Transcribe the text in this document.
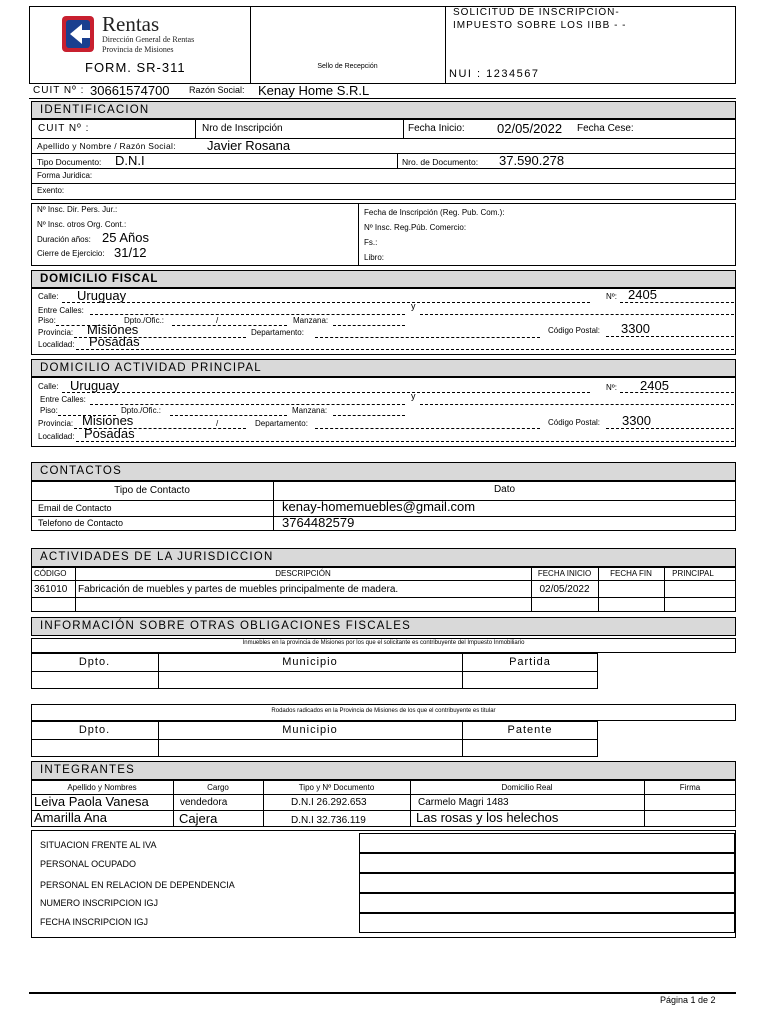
Rentas
Dirección General de Rentas
Provincia de Misiones
FORM. SR-311	Sello de Recepción
SOLICITUD DE INSCRIPCIÓN-
IMPUESTO SOBRE LOS IIBB - -
NUI : 1234567
CUIT Nº : 30661574700 Razón Social: Kenay Home S.R.L
IDENTIFICACION
CUIT Nº :	Nro de Inscripción	Fecha Inicio: 02/05/2022 Fecha Cese:
Apellido y Nombre / Razón Social: Javier Rosana
Tipo Documento: D.N.I	Nro. de Documento: 37.590.278
Forma Juridica:
Exento:
Nº Insc. Dir. Pers. Jur.:
Nº Insc. otros Org. Cont.:
Duración años: 25 Años
Cierre de Ejercicio: 31/12
Fecha de Inscripción (Reg. Pub. Com.):
Nº Insc. Reg.Púb. Comercio:
Fs.:
Libro:
DOMICILIO FISCAL
Calle: Uruguay	Nº: 2405
Entre Calles:	y
Piso:	Dpto./Ofic.:	/	Manzana:
Provincia: Misiones	Departamento:	Código Postal: 3300
Localidad: Posadas
DOMICILIO ACTIVIDAD PRINCIPAL
Calle: Uruguay	Nº: 2405
Entre Calles:	y
Piso:	Dpto./Ofic.:	Manzana:
Provincia: Misiones	/	Departamento:	Código Postal: 3300
Localidad: Posadas
CONTACTOS
Tipo de Contacto	Dato
Email de Contacto	kenay-homemuebles@gmail.com
Telefono de Contacto	3764482579
ACTIVIDADES DE LA JURISDICCION
CÓDIGO	DESCRIPCIÓN	FECHA INICIO	FECHA FIN	PRINCIPAL
361010 Fabricación de muebles y partes de muebles principalmente de madera.	02/05/2022
INFORMACIÓN SOBRE OTRAS OBLIGACIONES FISCALES
Inmuebles en la provincia de Misiones por los que el solicitante es contribuyente del Impuesto Inmobiliario
Dpto.	Municipio	Partida
Rodados radicados en la Provincia de Misiones de los que el contribuyente es titular
Dpto.	Municipio	Patente
INTEGRANTES
Apellido y Nombres	Cargo	Tipo y Nº Documento	Domicilio Real	Firma
Leiva Paola Vanesa	vendedora	D.N.I 26.292.653	Carmelo Magri 1483
Amarilla Ana	Cajera	D.N.I 32.736.119	Las rosas y los helechos
SITUACION FRENTE AL IVA
PERSONAL OCUPADO
PERSONAL EN RELACION DE DEPENDENCIA
NUMERO INSCRIPCION IGJ
FECHA INSCRIPCION IGJ
Página 1 de 2
